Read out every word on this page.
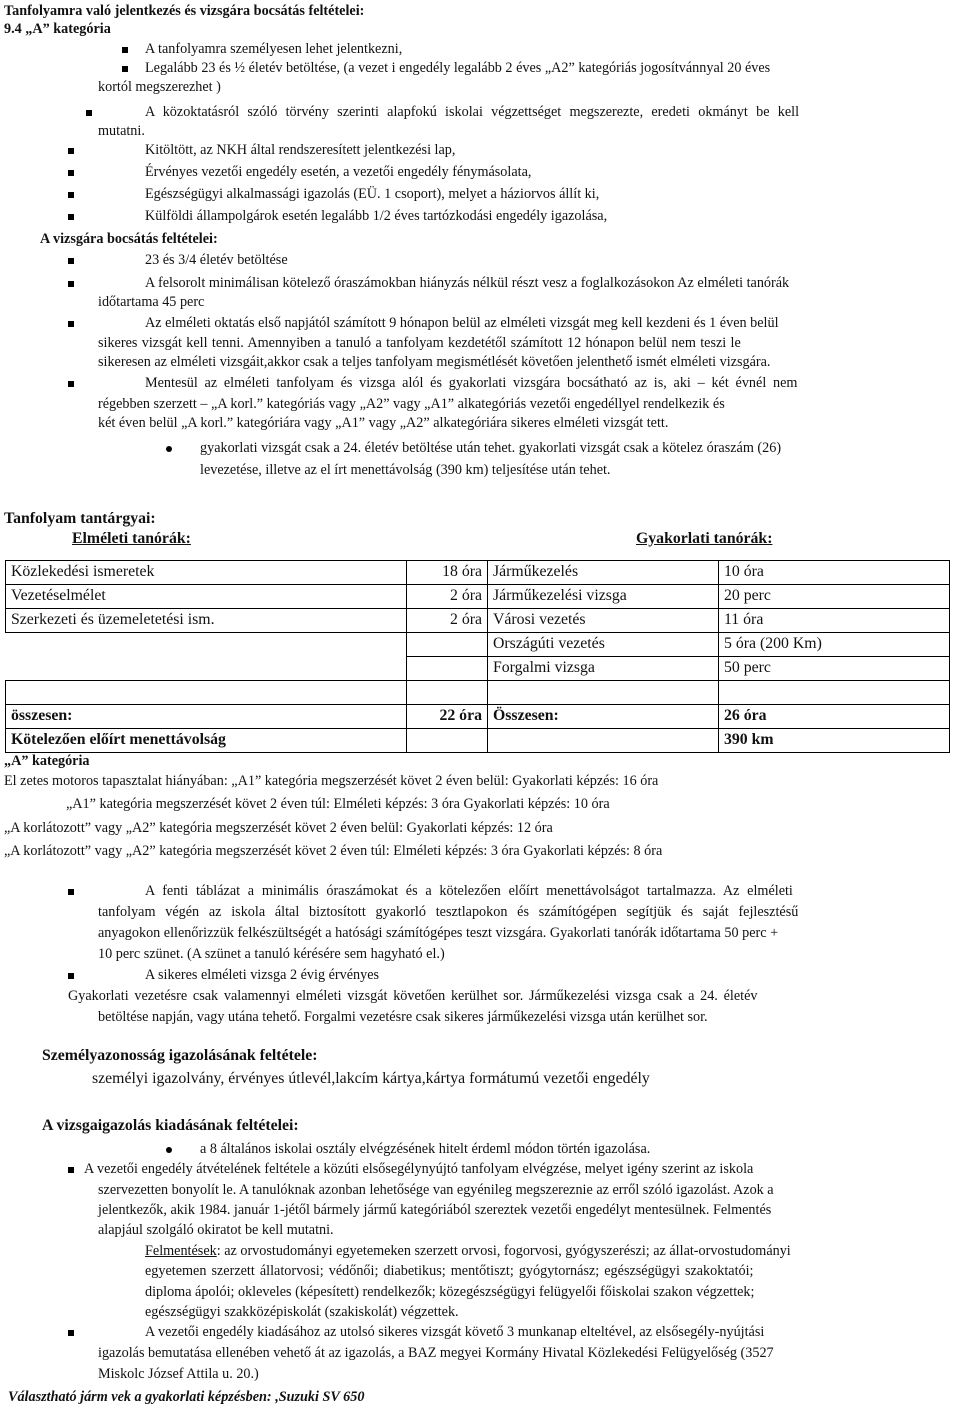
Tanfolyamra való jelentkezés és vizsgára bocsátás feltételei:
9.4 „A” kategória
A tanfolyamra személyesen lehet jelentkezni,
Legalább 23 és ½ életév betöltése, (a vezet i engedély legalább 2 éves „A2” kategóriás jogosítvánnyal 20 éves
kortól megszerezhet )
A közoktatásról szóló törvény szerinti alapfokú iskolai végzettséget megszerezte, eredeti okmányt be kell
mutatni.
Kitöltött, az NKH által rendszeresített jelentkezési lap,
Érvényes vezetői engedély esetén, a vezetői engedély fénymásolata,
Egészségügyi alkalmassági igazolás (EÜ. 1 csoport), melyet a háziorvos állít ki,
Külföldi állampolgárok esetén legalább 1/2 éves tartózkodási engedély igazolása,
A vizsgára bocsátás feltételei:
23 és 3/4 életév betöltése
A felsorolt minimálisan kötelező óraszámokban hiányzás nélkül részt vesz a foglalkozásokon Az elméleti tanórák
időtartama 45 perc
Az elméleti oktatás első napjától számított 9 hónapon belül az elméleti vizsgát meg kell kezdeni és 1 éven belül
sikeres vizsgát kell tenni. Amennyiben a tanuló a tanfolyam kezdetétől számított 12 hónapon belül nem teszi le
sikeresen az elméleti vizsgáit,akkor csak a teljes tanfolyam megismétlését követően jelenthető ismét elméleti vizsgára.
Mentesül az elméleti tanfolyam és vizsga alól és gyakorlati vizsgára bocsátható az is, aki – két évnél nem
régebben szerzett – „A korl.” kategóriás vagy „A2” vagy „A1” alkategóriás vezetői engedéllyel rendelkezik és
két éven belül „A korl.” kategóriára vagy „A1” vagy „A2” alkategóriára sikeres elméleti vizsgát tett.
gyakorlati vizsgát csak a 24. életév betöltése után tehet. gyakorlati vizsgát csak a kötelez óraszám (26)
levezetése, illetve az el írt menettávolság (390 km) teljesítése után tehet.
Tanfolyam tantárgyai:
Elméleti tanórák:	Gyakorlati tanórák:
Közlekedési ismeretek	18 óra	Járműkezelés	10 óra
Vezetéselmélet	2 óra	Járműkezelési vizsga	20 perc
Szerkezeti és üzemeletetési ism.	2 óra	Városi vezetés	11 óra
		Országúti vezetés	5 óra (200 Km)
		Forgalmi vizsga	50 perc

összesen:	22 óra	Összesen:	26 óra
Kötelezően előírt menettávolság			390 km
„A” kategória
El zetes motoros tapasztalat hiányában: „A1” kategória megszerzését követ 2 éven belül: Gyakorlati képzés: 16 óra
„A1” kategória megszerzését követ 2 éven túl: Elméleti képzés: 3 óra Gyakorlati képzés: 10 óra
„A korlátozott” vagy „A2” kategória megszerzését követ 2 éven belül: Gyakorlati képzés: 12 óra
„A korlátozott” vagy „A2” kategória megszerzését követ 2 éven túl: Elméleti képzés: 3 óra Gyakorlati képzés: 8 óra
A fenti táblázat a minimális óraszámokat és a kötelezően előírt menettávolságot tartalmazza. Az elméleti
tanfolyam végén az iskola által biztosított gyakorló tesztlapokon és számítógépen segítjük és saját fejlesztésű
anyagokon ellenőrizzük felkészültségét a hatósági számítógépes teszt vizsgára. Gyakorlati tanórák időtartama 50 perc +
10 perc szünet. (A szünet a tanuló kérésére sem hagyható el.)
A sikeres elméleti vizsga 2 évig érvényes
Gyakorlati vezetésre csak valamennyi elméleti vizsgát követően kerülhet sor. Járműkezelési vizsga csak a 24. életév
betöltése napján, vagy utána tehető. Forgalmi vezetésre csak sikeres járműkezelési vizsga után kerülhet sor.
Személyazonosság igazolásának feltétele:
személyi igazolvány, érvényes útlevél,lakcím kártya,kártya formátumú vezetői engedély
A vizsgaigazolás kiadásának feltételei:
a 8 általános iskolai osztály elvégzésének hitelt érdeml módon történ igazolása.
A vezetői engedély átvételének feltétele a közúti elsősegélynyújtó tanfolyam elvégzése, melyet igény szerint az iskola
szervezetten bonyolít le. A tanulóknak azonban lehetősége van egyénileg megszereznie az erről szóló igazolást. Azok a
jelentkezők, akik 1984. január 1-jétől bármely jármű kategóriából szereztek vezetői engedélyt mentesülnek. Felmentés
alapjául szolgáló okiratot be kell mutatni.
Felmentések: az orvostudományi egyetemeken szerzett orvosi, fogorvosi, gyógyszerészi; az állat-orvostudományi
egyetemen szerzett állatorvosi; védőnői; diabetikus; mentőtiszt; gyógytornász; egészségügyi szakoktatói;
diploma ápolói; okleveles (képesített) rendelkezők; közegészségügyi felügyelői főiskolai szakon végzettek;
egészségügyi szakközépiskolát (szakiskolát) végzettek.
A vezetői engedély kiadásához az utolsó sikeres vizsgát követő 3 munkanap elteltével, az elsősegély-nyújtási
igazolás bemutatása ellenében vehető át az igazolás, a BAZ megyei Kormány Hivatal Közlekedési Felügyelőség (3527
Miskolc József Attila u. 20.)
Választható járm vek a gyakorlati képzésben: ,Suzuki SV 650
